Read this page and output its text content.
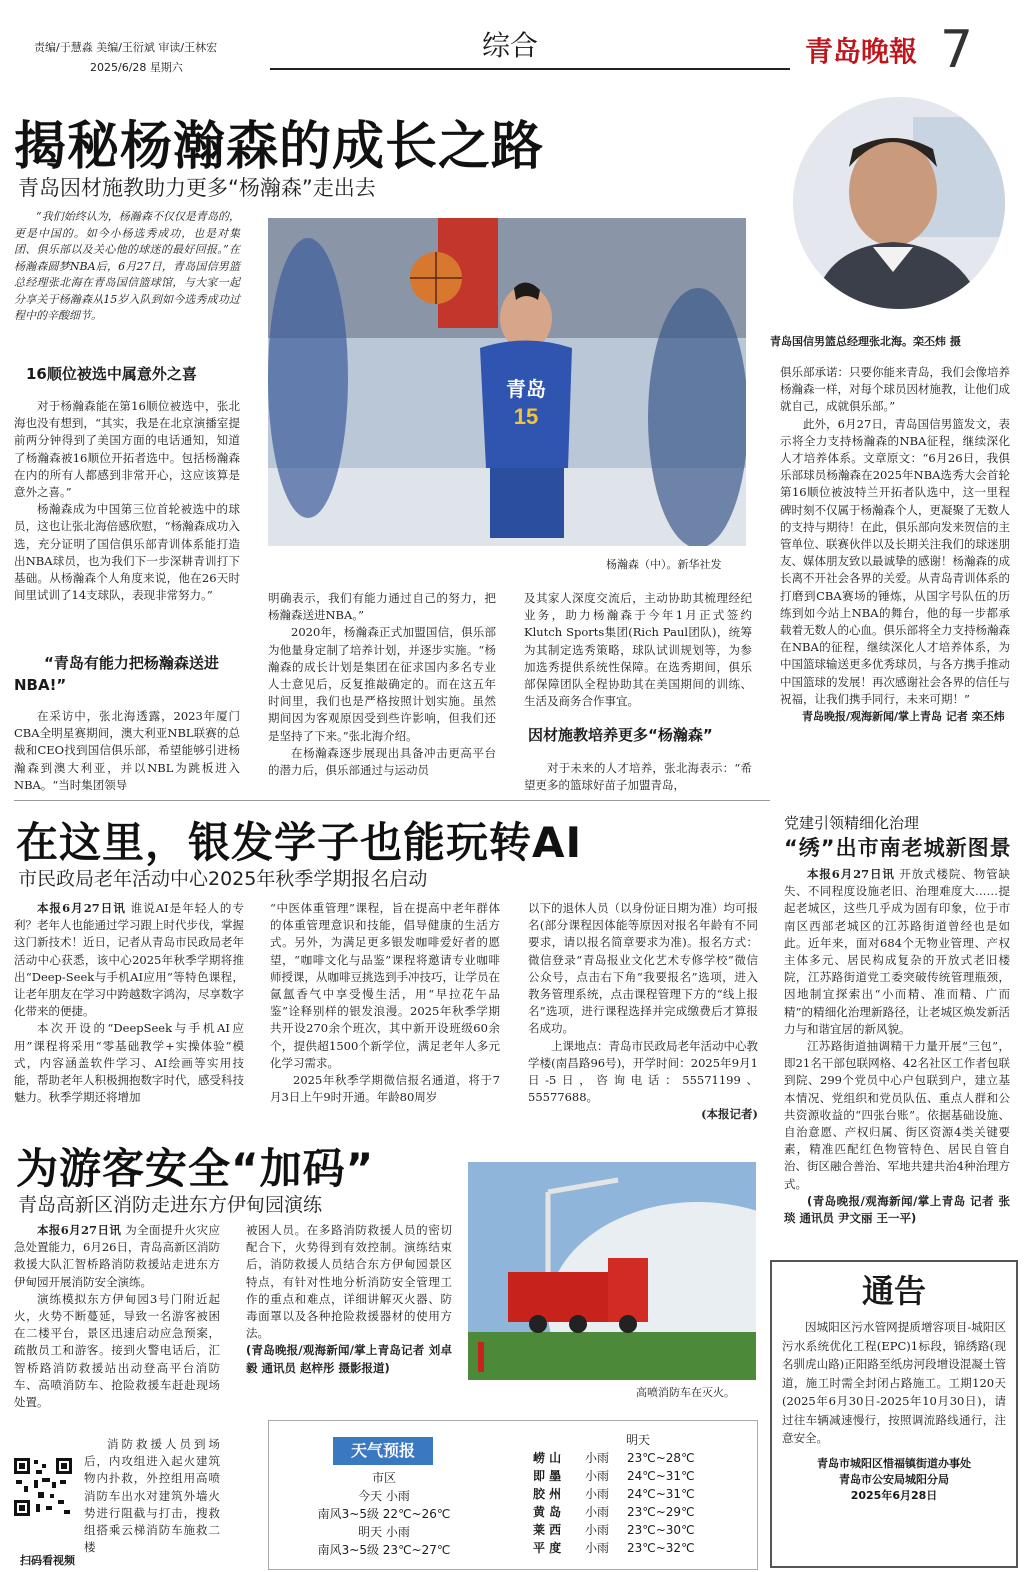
责编/于慧淼 美编/王衍斌 审读/王林宏
2025/6/28 星期六
综合	青岛晚報 7
揭秘杨瀚森的成长之路
青岛因材施教助力更多“杨瀚森”走出去
青岛国信男篮总经理张北海。栾丕炜 摄

“我们始终认为，杨瀚森不仅仅是青岛的，更是中国的。如今小杨选秀成功，也是对集团、俱乐部以及关心他的球迷的最好回报。”在杨瀚森圆梦NBA后，6月27日，青岛国信男篮总经理张北海在青岛国信篮球馆，与大家一起分享关于杨瀚森从15岁入队到如今选秀成功过程中的辛酸细节。

16顺位被选中属意外之喜

对于杨瀚森能在第16顺位被选中，张北海也没有想到，“其实，我是在北京演播室提前两分钟得到了美国方面的电话通知，知道了杨瀚森被16顺位开拓者选中。包括杨瀚森在内的所有人都感到非常开心，这应该算是意外之喜。”

杨瀚森成为中国第三位首轮被选中的球员，这也让张北海倍感欣慰，“杨瀚森成功入选，充分证明了国信俱乐部青训体系能打造出NBA球员，也为我们下一步深耕青训打下基础。从杨瀚森个人角度来说，他在26天时间里试训了14支球队，表现非常努力。”

“青岛有能力把杨瀚森送进NBA!”

在采访中，张北海透露，2023年厦门CBA全明星赛期间，澳大利亚NBL联赛的总裁和CEO找到国信俱乐部，希望能够引进杨瀚森到澳大利亚，并以NBL为跳板进入NBA。“当时集团领导

青岛
15
杨瀚森（中）。新华社发

明确表示，我们有能力通过自己的努力，把杨瀚森送进NBA。”

2020年，杨瀚森正式加盟国信，俱乐部为他量身定制了培养计划，并逐步实施。“杨瀚森的成长计划是集团在征求国内多名专业人士意见后，反复推敲确定的。而在这五年时间里，我们也是严格按照计划实施。虽然期间因为客观原因受到些许影响，但我们还是坚持了下来。”张北海介绍。

在杨瀚森逐步展现出具备冲击更高平台的潜力后，俱乐部通过与运动员

及其家人深度交流后，主动协助其梳理经纪业务，助力杨瀚森于今年1月正式签约Klutch Sports集团(Rich Paul团队)，统筹为其制定选秀策略，球队试训规划等，为参加选秀提供系统性保障。在选秀期间，俱乐部保障团队全程协助其在美国期间的训练、生活及商务合作事宜。

因材施教培养更多“杨瀚森”

对于未来的人才培养，张北海表示：“希望更多的篮球好苗子加盟青岛，

俱乐部承诺：只要你能来青岛，我们会像培养杨瀚森一样，对每个球员因材施教，让他们成就自己，成就俱乐部。”

此外，6月27日，青岛国信男篮发文，表示将全力支持杨瀚森的NBA征程，继续深化人才培养体系。文章原文：“6月26日，我俱乐部球员杨瀚森在2025年NBA选秀大会首轮第16顺位被波特兰开拓者队选中，这一里程碑时刻不仅属于杨瀚森个人，更凝聚了无数人的支持与期待！在此，俱乐部向发来贺信的主管单位、联赛伙伴以及长期关注我们的球迷朋友、媒体朋友致以最诚挚的感谢！杨瀚森的成长离不开社会各界的关爱。从青岛青训体系的打磨到CBA赛场的锤炼，从国字号队伍的历练到如今站上NBA的舞台，他的每一步都承载着无数人的心血。俱乐部将全力支持杨瀚森在NBA的征程，继续深化人才培养体系，为中国篮球输送更多优秀球员，与各方携手推动中国篮球的发展！再次感谢社会各界的信任与祝福，让我们携手同行，未来可期！”

青岛晚报/观海新闻/掌上青岛 记者 栾丕炜

在这里，银发学子也能玩转AI
市民政局老年活动中心2025年秋季学期报名启动

本报6月27日讯 谁说AI是年轻人的专利？老年人也能通过学习跟上时代步伐，掌握这门新技术！近日，记者从青岛市民政局老年活动中心获悉，该中心2025年秋季学期将推出“Deep-Seek与手机AI应用”等特色课程，让老年朋友在学习中跨越数字鸿沟，尽享数字化带来的便捷。

本次开设的“DeepSeek与手机AI应用”课程将采用“零基础教学+实操体验”模式，内容涵盖软件学习、AI绘画等实用技能，帮助老年人积极拥抱数字时代，感受科技魅力。秋季学期还将增加

“中医体重管理”课程，旨在提高中老年群体的体重管理意识和技能，倡导健康的生活方式。另外，为满足更多银发咖啡爱好者的愿望，“咖啡文化与品鉴”课程将邀请专业咖啡师授课，从咖啡豆挑选到手冲技巧，让学员在氤氲香气中享受慢生活，用“早拉花午品鉴”诠释别样的银发浪漫。2025年秋季学期共开设270余个班次，其中新开设班级60余个，提供超1500个新学位，满足老年人多元化学习需求。

2025年秋季学期微信报名通道，将于7月3日上午9时开通。年龄80周岁

以下的退休人员（以身份证日期为准）均可报名(部分课程因体能等原因对报名年龄有不同要求，请以报名简章要求为准)。报名方式：微信登录“青岛报业文化艺术专修学校”微信公众号，点击右下角“我要报名”选项，进入教务管理系统，点击课程管理下方的“线上报名”选项，进行课程选择并完成缴费后才算报名成功。

上课地点：青岛市民政局老年活动中心教学楼(南昌路96号)，开学时间：2025年9月1日-5日，咨询电话：55571199、55577688。

(本报记者)

党建引领精细化治理
“绣”出市南老城新图景

本报6月27日讯 开放式楼院、物管缺失、不同程度设施老旧、治理难度大……提起老城区，这些几乎成为固有印象，位于市南区西部老城区的江苏路街道曾经也是如此。近年来，面对684个无物业管理、产权主体多元、居民构成复杂的开放式老旧楼院，江苏路街道党工委突破传统管理瓶颈，因地制宜探索出“小而精、准而精、广而精”的精细化治理新路径，让老城区焕发新活力与和谐宜居的新风貌。

江苏路街道抽调精干力量开展“三包”，即21名干部包联网格、42名社区工作者包联到院、299个党员中心户包联到户，建立基本情况、党组织和党员队伍、重点人群和公共资源收益的“四张台账”。依据基础设施、自治意愿、产权归属、街区资源4类关键要素，精准匹配红色物管特色、居民自管自治、街区融合善治、军地共建共治4种治理方式。

(青岛晚报/观海新闻/掌上青岛 记者 张琰 通讯员 尹文丽 王一平)

为游客安全“加码”
青岛高新区消防走进东方伊甸园演练
高喷消防车在灭火。

本报6月27日讯 为全面提升火灾应急处置能力，6月26日，青岛高新区消防救援大队汇智桥路消防救援站走进东方伊甸园开展消防安全演练。

演练模拟东方伊甸园3号门附近起火，火势不断蔓延，导致一名游客被困在二楼平台，景区迅速启动应急预案，疏散员工和游客。接到火警电话后，汇智桥路消防救援站出动登高平台消防车、高喷消防车、抢险救援车赶赴现场处置。

消防救援人员到场后，内攻组进入起火建筑物内扑救，外控组用高喷消防车出水对建筑外墙火势进行阻截与打击，搜救组搭乘云梯消防车施救二楼

扫码看视频

被困人员。在多路消防救援人员的密切配合下，火势得到有效控制。演练结束后，消防救援人员结合东方伊甸园景区特点，有针对性地分析消防安全管理工作的重点和难点，详细讲解灭火器、防毒面罩以及各种抢险救援器材的使用方法。

(青岛晚报/观海新闻/掌上青岛记者 刘卓毅 通讯员 赵梓彤 摄影报道)

天气预报
市区
今天 小雨
南风3~5级 22℃~26℃
明天 小雨
南风3~5级 23℃~27℃
明天
崂 山	小雨	23℃~28℃
即 墨	小雨	24℃~31℃
胶 州	小雨	24℃~31℃
黄 岛	小雨	23℃~29℃
莱 西	小雨	23℃~30℃
平 度	小雨	23℃~32℃
通告

因城阳区污水管网提质增容项目-城阳区污水系统优化工程(EPC)1标段，锦绣路(现名驯虎山路)正阳路至纸房河段增设混凝土管道，施工时需全封闭占路施工。工期120天(2025年6月30日-2025年10月30日)，请过往车辆减速慢行，按照调流路线通行，注意安全。

青岛市城阳区惜福镇街道办事处
青岛市公安局城阳分局
2025年6月28日
